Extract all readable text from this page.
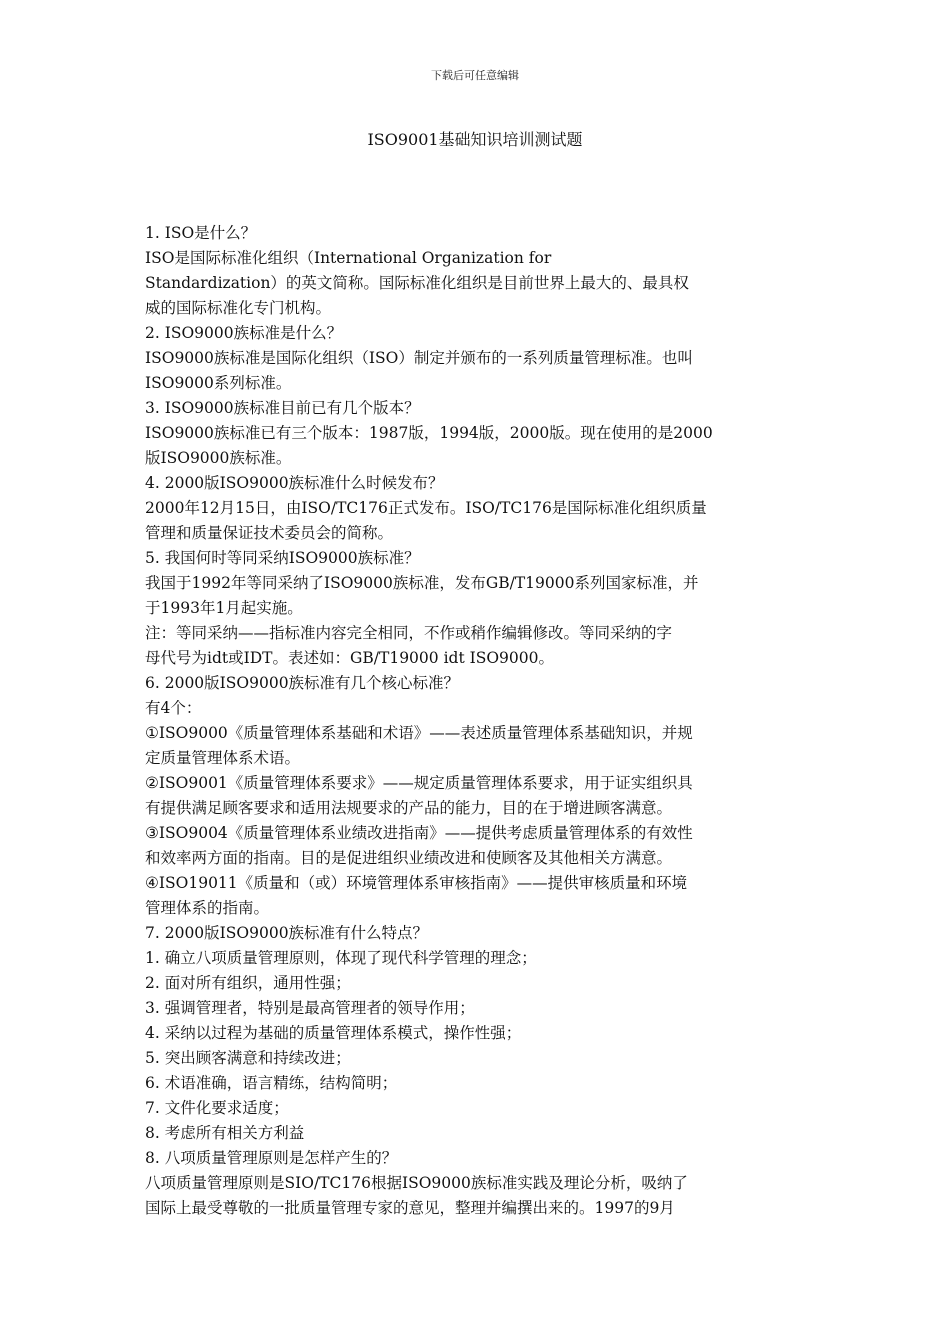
下载后可任意编辑
ISO9001基础知识培训测试题
1. ISO是什么？
ISO是国际标准化组织（International Organization for
Standardization）的英文简称。国际标准化组织是目前世界上最大的、最具权
威的国际标准化专门机构。
2. ISO9000族标准是什么？
ISO9000族标准是国际化组织（ISO）制定并颁布的一系列质量管理标准。也叫
ISO9000系列标准。
3. ISO9000族标准目前已有几个版本？
ISO9000族标准已有三个版本：1987版，1994版，2000版。现在使用的是2000
版ISO9000族标准。
4. 2000版ISO9000族标准什么时候发布？
2000年12月15日，由ISO/TC176正式发布。ISO/TC176是国际标准化组织质量
管理和质量保证技术委员会的简称。
5. 我国何时等同采纳ISO9000族标准？
我国于1992年等同采纳了ISO9000族标准，发布GB/T19000系列国家标准，并
于1993年1月起实施。
注：等同采纳——指标准内容完全相同，不作或稍作编辑修改。等同采纳的字
母代号为idt或IDT。表述如：GB/T19000 idt ISO9000。
6. 2000版ISO9000族标准有几个核心标准？
有4个：
①ISO9000《质量管理体系基础和术语》——表述质量管理体系基础知识，并规
定质量管理体系术语。
②ISO9001《质量管理体系要求》——规定质量管理体系要求，用于证实组织具
有提供满足顾客要求和适用法规要求的产品的能力，目的在于增进顾客满意。
③ISO9004《质量管理体系业绩改进指南》——提供考虑质量管理体系的有效性
和效率两方面的指南。目的是促进组织业绩改进和使顾客及其他相关方满意。
④ISO19011《质量和（或）环境管理体系审核指南》——提供审核质量和环境
管理体系的指南。
7. 2000版ISO9000族标准有什么特点？
1. 确立八项质量管理原则，体现了现代科学管理的理念；
2. 面对所有组织，通用性强；
3. 强调管理者，特别是最高管理者的领导作用；
4. 采纳以过程为基础的质量管理体系模式，操作性强；
5. 突出顾客满意和持续改进；
6. 术语准确，语言精练，结构简明；
7. 文件化要求适度；
8. 考虑所有相关方利益
8. 八项质量管理原则是怎样产生的？
八项质量管理原则是SIO/TC176根据ISO9000族标准实践及理论分析，吸纳了
国际上最受尊敬的一批质量管理专家的意见，整理并编撰出来的。1997的9月
